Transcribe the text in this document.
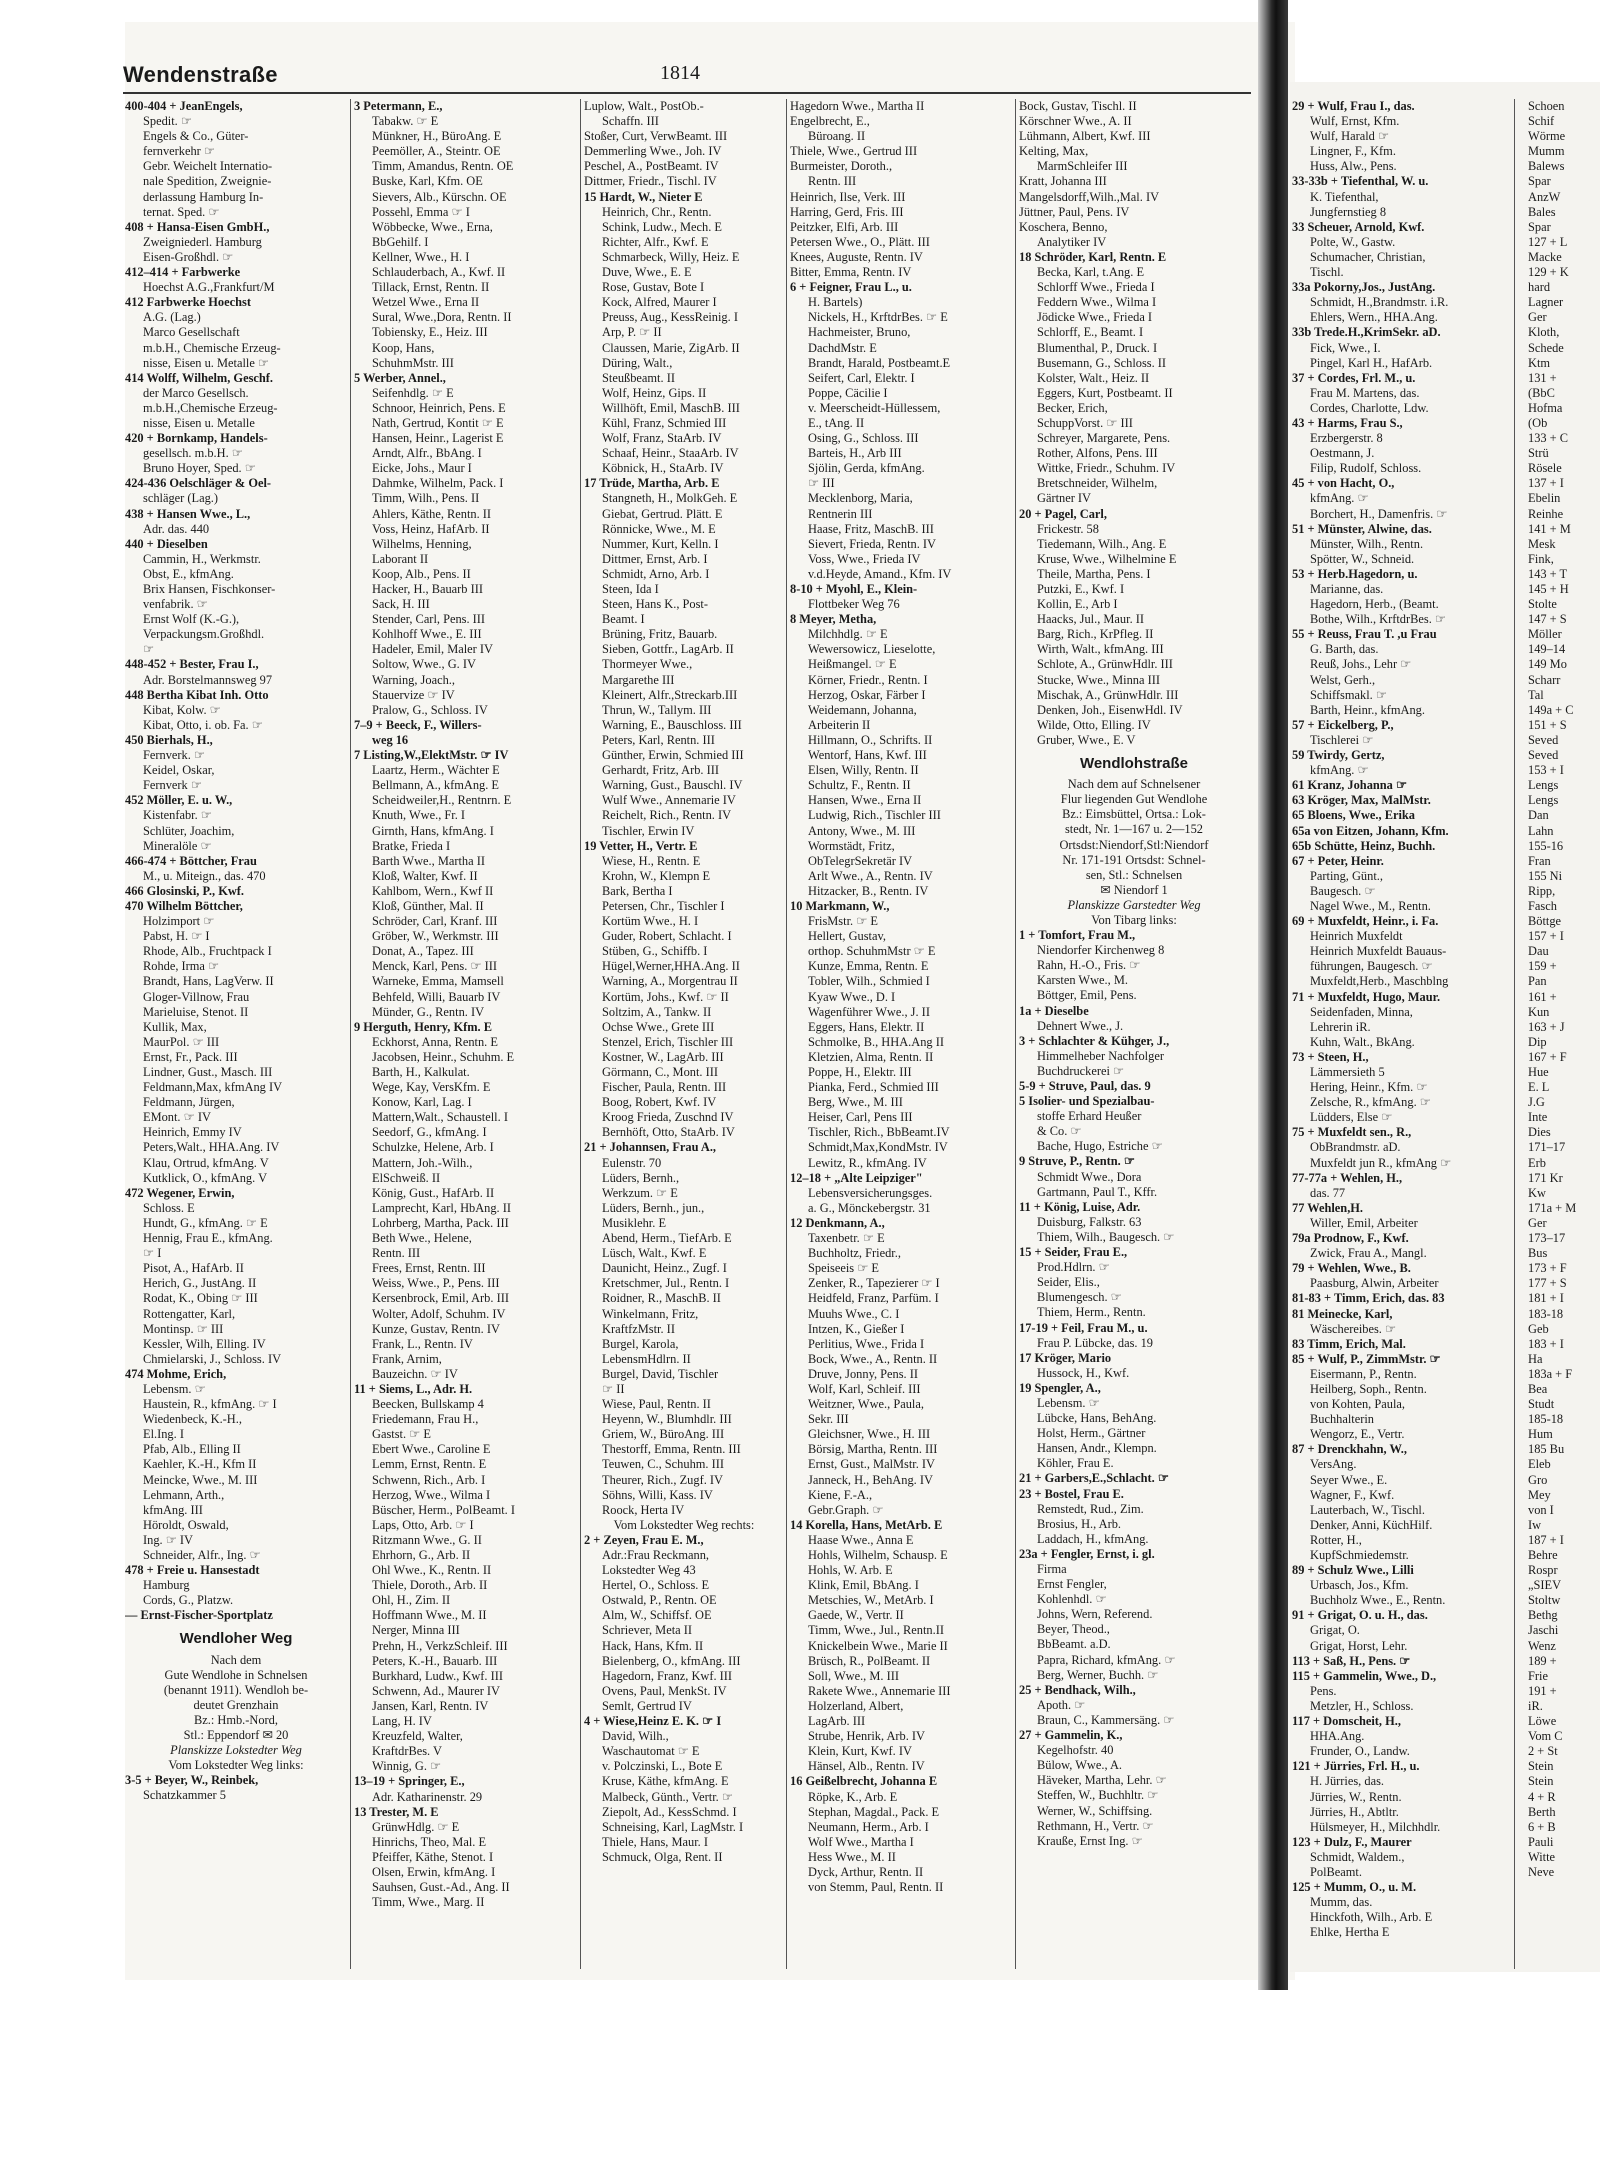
Wendenstraße	1814
400-404 + JeanEngels,
Spedit. ☞
Engels & Co., Güter-
fernverkehr ☞
Gebr. Weichelt Internatio-
nale Spedition, Zweignie-
derlassung Hamburg In-
ternat. Sped. ☞
408 + Hansa-Eisen GmbH.,
Zweigniederl. Hamburg
Eisen-Großhdl. ☞
412–414 + Farbwerke
Hoechst A.G.,Frankfurt/M
412 Farbwerke Hoechst
A.G. (Lag.)
Marco Gesellschaft
m.b.H., Chemische Erzeug-
nisse, Eisen u. Metalle ☞
414 Wolff, Wilhelm, Geschf.
der Marco Gesellsch.
m.b.H.,Chemische Erzeug-
nisse, Eisen u. Metalle
420 + Bornkamp, Handels-
gesellsch. m.b.H. ☞
Bruno Hoyer, Sped. ☞
424-436 Oelschläger & Oel-
schläger (Lag.)
438 + Hansen Wwe., L.,
Adr. das. 440
440 + Dieselben
Cammin, H., Werkmstr.
Obst, E., kfmAng.
Brix Hansen, Fischkonser-
venfabrik. ☞
Ernst Wolf (K.-G.),
Verpackungsm.Großhdl.
☞
448-452 + Bester, Frau I.,
Adr. Borstelmannsweg 97
448 Bertha Kibat Inh. Otto
Kibat, Kolw. ☞
Kibat, Otto, i. ob. Fa. ☞
450 Bierhals, H.,
Fernverk. ☞
Keidel, Oskar,
Fernverk ☞
452 Möller, E. u. W.,
Kistenfabr. ☞
Schlüter, Joachim,
Mineralöle ☞
466-474 + Böttcher, Frau
M., u. Miteign., das. 470
466 Glosinski, P., Kwf.
470 Wilhelm Böttcher,
Holzimport ☞
Pabst, H. ☞ I
Rhode, Alb., Fruchtpack I
Rohde, Irma ☞
Brandt, Hans, LagVerw. II
Gloger-Villnow, Frau
Marieluise, Stenot. II
Kullik, Max,
MaurPol. ☞ III
Ernst, Fr., Pack. III
Lindner, Gust., Masch. III
Feldmann,Max, kfmAng IV
Feldmann, Jürgen,
EMont. ☞ IV
Heinrich, Emmy IV
Peters,Walt., HHA.Ang. IV
Klau, Ortrud, kfmAng. V
Kutklick, O., kfmAng. V
472 Wegener, Erwin,
Schloss. E
Hundt, G., kfmAng. ☞ E
Hennig, Frau E., kfmAng.
☞ I
Pisot, A., HafArb. II
Herich, G., JustAng. II
Rodat, K., Obing ☞ III
Rottengatter, Karl,
Montinsp. ☞ III
Kessler, Wilh, Elling. IV
Chmielarski, J., Schloss. IV
474 Mohme, Erich,
Lebensm. ☞
Haustein, R., kfmAng. ☞ I
Wiedenbeck, K.-H.,
El.Ing. I
Pfab, Alb., Elling II
Kaehler, K.-H., Kfm II
Meincke, Wwe., M. III
Lehmann, Arth.,
kfmAng. III
Höroldt, Oswald,
Ing. ☞ IV
Schneider, Alfr., Ing. ☞
478 + Freie u. Hansestadt
Hamburg
Cords, G., Platzw.
— Ernst-Fischer-Sportplatz
Wendloher Weg
Nach dem
Gute Wendlohe in Schnelsen
(benannt 1911). Wendloh be-
deutet Grenzhain
Bz.: Hmb.-Nord,
Stl.: Eppendorf ✉ 20
Planskizze Lokstedter Weg
Vom Lokstedter Weg links:
3-5 + Beyer, W., Reinbek,
Schatzkammer 5
3 Petermann, E.,
Tabakw. ☞ E
Münkner, H., BüroAng. E
Peemöller, A., Steintr. OE
Timm, Amandus, Rentn. OE
Buske, Karl, Kfm. OE
Sievers, Alb., Kürschn. OE
Possehl, Emma ☞ I
Wöbbecke, Wwe., Erna,
BbGehilf. I
Kellner, Wwe., H. I
Schlauderbach, A., Kwf. II
Tillack, Ernst, Rentn. II
Wetzel Wwe., Erna II
Sural, Wwe.,Dora, Rentn. II
Tobiensky, E., Heiz. III
Koop, Hans,
SchuhmMstr. III
5 Werber, Annel.,
Seifenhdlg. ☞ E
Schnoor, Heinrich, Pens. E
Nath, Gertrud, Kontit ☞ E
Hansen, Heinr., Lagerist E
Arndt, Alfr., BbAng. I
Eicke, Johs., Maur I
Dahmke, Wilhelm, Pack. I
Timm, Wilh., Pens. II
Ahlers, Käthe, Rentn. II
Voss, Heinz, HafArb. II
Wilhelms, Henning,
Laborant II
Koop, Alb., Pens. II
Hacker, H., Bauarb III
Sack, H. III
Stender, Carl, Pens. III
Kohlhoff Wwe., E. III
Hadeler, Emil, Maler IV
Soltow, Wwe., G. IV
Warning, Joach.,
Stauervize ☞ IV
Pralow, G., Schloss. IV
7–9 + Beeck, F., Willers-
weg 16
7 Listing,W.,ElektMstr. ☞ IV
Laartz, Herm., Wächter E
Bellmann, A., kfmAng. E
Scheidweiler,H., Rentnrn. E
Knuth, Wwe., Fr. I
Girnth, Hans, kfmAng. I
Bratke, Frieda I
Barth Wwe., Martha II
Kloß, Walter, Kwf. II
Kahlbom, Wern., Kwf II
Kloß, Günther, Mal. II
Schröder, Carl, Kranf. III
Gröber, W., Werkmstr. III
Donat, A., Tapez. III
Menck, Karl, Pens. ☞ III
Warneke, Emma, Mamsell
Behfeld, Willi, Bauarb IV
Münder, G., Rentn. IV
9 Herguth, Henry, Kfm. E
Eckhorst, Anna, Rentn. E
Jacobsen, Heinr., Schuhm. E
Barth, H., Kalkulat.
Wege, Kay, VersKfm. E
Konow, Karl, Lag. I
Mattern,Walt., Schaustell. I
Seedorf, G., kfmAng. I
Schulzke, Helene, Arb. I
Mattern, Joh.-Wilh.,
ElSchweiß. II
König, Gust., HafArb. II
Lamprecht, Karl, HbAng. II
Lohrberg, Martha, Pack. III
Beth Wwe., Helene,
Rentn. III
Frees, Ernst, Rentn. III
Weiss, Wwe., P., Pens. III
Kersenbrock, Emil, Arb. III
Wolter, Adolf, Schuhm. IV
Kunze, Gustav, Rentn. IV
Frank, L., Rentn. IV
Frank, Arnim,
Bauzeichn. ☞ IV
11 + Siems, L., Adr. H.
Beecken, Bullskamp 4
Friedemann, Frau H.,
Gastst. ☞ E
Ebert Wwe., Caroline E
Lemm, Ernst, Rentn. E
Schwenn, Rich., Arb. I
Herzog, Wwe., Wilma I
Büscher, Herm., PolBeamt. I
Laps, Otto, Arb. ☞ I
Ritzmann Wwe., G. II
Ehrhorn, G., Arb. II
Ohl Wwe., K., Rentn. II
Thiele, Doroth., Arb. II
Ohl, H., Zim. II
Hoffmann Wwe., M. II
Nerger, Minna III
Prehn, H., VerkzSchleif. III
Peters, K.-H., Bauarb. III
Burkhard, Ludw., Kwf. III
Schwenn, Ad., Maurer IV
Jansen, Karl, Rentn. IV
Lang, H. IV
Kreuzfeld, Walter,
KraftdrBes. V
Winnig, G. ☞
13–19 + Springer, E.,
Adr. Katharinenstr. 29
13 Trester, M. E
GrünwHdlg. ☞ E
Hinrichs, Theo, Mal. E
Pfeiffer, Käthe, Stenot. I
Olsen, Erwin, kfmAng. I
Sauhsen, Gust.-Ad., Ang. II
Timm, Wwe., Marg. II
Luplow, Walt., PostOb.-
Schaffn. III
Stoßer, Curt, VerwBeamt. III
Demmerling Wwe., Joh. IV
Peschel, A., PostBeamt. IV
Dittmer, Friedr., Tischl. IV
15 Hardt, W., Nieter E
Heinrich, Chr., Rentn.
Schink, Ludw., Mech. E
Richter, Alfr., Kwf. E
Schmarbeck, Willy, Heiz. E
Duve, Wwe., E. E
Rose, Gustav, Bote I
Kock, Alfred, Maurer I
Preuss, Aug., KessReinig. I
Arp, P. ☞ II
Claussen, Marie, ZigArb. II
Düring, Walt.,
Steußbeamt. II
Wolf, Heinz, Gips. II
Willhöft, Emil, MaschB. III
Kühl, Franz, Schmied III
Wolf, Franz, StaArb. IV
Schaaf, Heinr., StaaArb. IV
Köbnick, H., StaArb. IV
17 Trüde, Martha, Arb. E
Stangneth, H., MolkGeh. E
Giebat, Gertrud. Plätt. E
Rönnicke, Wwe., M. E
Nummer, Kurt, Kelln. I
Dittmer, Ernst, Arb. I
Schmidt, Arno, Arb. I
Steen, Ida I
Steen, Hans K., Post-
Beamt. I
Brüning, Fritz, Bauarb.
Sieben, Gottfr., LagArb. II
Thormeyer Wwe.,
Margarethe III
Kleinert, Alfr.,Streckarb.III
Thrun, W., Tallym. III
Warning, E., Bauschloss. III
Peters, Karl, Rentn. III
Günther, Erwin, Schmied III
Gerhardt, Fritz, Arb. III
Warning, Gust., Bauschl. IV
Wulf Wwe., Annemarie IV
Reichelt, Rich., Rentn. IV
Tischler, Erwin IV
19 Vetter, H., Vertr. E
Wiese, H., Rentn. E
Krohn, W., Klempn E
Bark, Bertha I
Petersen, Chr., Tischler I
Kortüm Wwe., H. I
Guder, Robert, Schlacht. I
Stüben, G., Schiffb. I
Hügel,Werner,HHA.Ang. II
Warning, A., Morgentrau II
Kortüm, Johs., Kwf. ☞ II
Soltzim, A., Tankw. II
Ochse Wwe., Grete III
Stenzel, Erich, Tischler III
Kostner, W., LagArb. III
Görmann, C., Mont. III
Fischer, Paula, Rentn. III
Boog, Robert, Kwf. IV
Kroog Frieda, Zuschnd IV
Bernhöft, Otto, StaArb. IV
21 + Johannsen, Frau A.,
Eulenstr. 70
Lüders, Bernh.,
Werkzum. ☞ E
Lüders, Bernh., jun.,
Musiklehr. E
Abend, Herm., TiefArb. E
Lüsch, Walt., Kwf. E
Daunicht, Heinz., Zugf. I
Kretschmer, Jul., Rentn. I
Roidner, R., MaschB. II
Winkelmann, Fritz,
KraftfzMstr. II
Burgel, Karola,
LebensmHdlrn. II
Burgel, David, Tischler
☞ II
Wiese, Paul, Rentn. II
Heyenn, W., Blumhdlr. III
Griem, W., BüroAng. III
Thestorff, Emma, Rentn. III
Teuwen, C., Schuhm. III
Theurer, Rich., Zugf. IV
Söhns, Willi, Kass. IV
Roock, Herta IV
Vom Lokstedter Weg rechts:
2 + Zeyen, Frau E. M.,
Adr.:Frau Reckmann,
Lokstedter Weg 43
Hertel, O., Schloss. E
Ostwald, P., Rentn. OE
Alm, W., Schiffsf. OE
Schriever, Meta II
Hack, Hans, Kfm. II
Bielenberg, O., kfmAng. III
Hagedorn, Franz, Kwf. III
Ovens, Paul, MenkSt. IV
Semlt, Gertrud IV
4 + Wiese,Heinz E. K. ☞ I
David, Wilh.,
Waschautomat ☞ E
v. Polczinski, L., Bote E
Kruse, Käthe, kfmAng. E
Malbeck, Günth., Vertr. ☞
Ziepolt, Ad., KessSchmd. I
Schneising, Karl, LagMstr. I
Thiele, Hans, Maur. I
Schmuck, Olga, Rent. II
Hagedorn Wwe., Martha II
Engelbrecht, E.,
Büroang. II
Thiele, Wwe., Gertrud III
Burmeister, Doroth.,
Rentn. III
Heinrich, Ilse, Verk. III
Harring, Gerd, Fris. III
Peitzker, Elfi, Arb. III
Petersen Wwe., O., Plätt. III
Knees, Auguste, Rentn. IV
Bitter, Emma, Rentn. IV
6 + Feigner, Frau L., u.
H. Bartels)
Nickels, H., KrftdrBes. ☞ E
Hachmeister, Bruno,
DachdMstr. E
Brandt, Harald, Postbeamt.E
Seifert, Carl, Elektr. I
Poppe, Cäcilie I
v. Meerscheidt-Hüllessem,
E., tAng. II
Osing, G., Schloss. III
Barteis, H., Arb III
Sjölin, Gerda, kfmAng.
☞ III
Mecklenborg, Maria,
Rentnerin III
Haase, Fritz, MaschB. III
Sievert, Frieda, Rentn. IV
Voss, Wwe., Frieda IV
v.d.Heyde, Amand., Kfm. IV
8-10 + Myohl, E., Klein-
Flottbeker Weg 76
8 Meyer, Metha,
Milchhdlg. ☞ E
Wewersowicz, Lieselotte,
Heißmangel. ☞ E
Körner, Friedr., Rentn. I
Herzog, Oskar, Färber I
Weidemann, Johanna,
Arbeiterin II
Hillmann, O., Schrifts. II
Wentorf, Hans, Kwf. III
Elsen, Willy, Rentn. II
Schultz, F., Rentn. II
Hansen, Wwe., Erna II
Ludwig, Rich., Tischler III
Antony, Wwe., M. III
Wormstädt, Fritz,
ObTelegrSekretär IV
Arlt Wwe., A., Rentn. IV
Hitzacker, B., Rentn. IV
10 Markmann, W.,
FrisMstr. ☞ E
Hellert, Gustav,
orthop. SchuhmMstr ☞ E
Kunze, Emma, Rentn. E
Tobler, Wilh., Schmied I
Kyaw Wwe., D. I
Wagenführer Wwe., J. II
Eggers, Hans, Elektr. II
Schmolke, B., HHA.Ang II
Kletzien, Alma, Rentn. II
Poppe, H., Elektr. III
Pianka, Ferd., Schmied III
Berg, Wwe., M. III
Heiser, Carl, Pens III
Tischler, Rich., BbBeamt.IV
Schmidt,Max,KondMstr. IV
Lewitz, R., kfmAng. IV
12–18 + „Alte Leipziger"
Lebensversicherungsges.
a. G., Mönckebergstr. 31
12 Denkmann, A.,
Taxenbetr. ☞ E
Buchholtz, Friedr.,
Speiseeis ☞ E
Zenker, R., Tapezierer ☞ I
Heidfeld, Franz, Parfüm. I
Muuhs Wwe., C. I
Intzen, K., Gießer I
Perlitius, Wwe., Frida I
Bock, Wwe., A., Rentn. II
Druve, Jonny, Pens. II
Wolf, Karl, Schleif. III
Weitzner, Wwe., Paula,
Sekr. III
Gleichsner, Wwe., H. III
Börsig, Martha, Rentn. III
Ernst, Gust., MalMstr. IV
Janneck, H., BehAng. IV
Kiene, F.-A.,
Gebr.Graph. ☞
14 Korella, Hans, MetArb. E
Haase Wwe., Anna E
Hohls, Wilhelm, Schausp. E
Hohls, W. Arb. E
Klink, Emil, BbAng. I
Metschies, W., MetArb. I
Gaede, W., Vertr. II
Timm, Wwe., Jul., Rentn.II
Knickelbein Wwe., Marie II
Brüsch, R., PolBeamt. II
Soll, Wwe., M. III
Rakete Wwe., Annemarie III
Holzerland, Albert,
LagArb. III
Strube, Henrik, Arb. IV
Klein, Kurt, Kwf. IV
Hänsel, Alb., Rentn. IV
16 Geißelbrecht, Johanna E
Röpke, K., Arb. E
Stephan, Magdal., Pack. E
Neumann, Herm., Arb. I
Wolf Wwe., Martha I
Hess Wwe., M. II
Dyck, Arthur, Rentn. II
von Stemm, Paul, Rentn. II
Bock, Gustav, Tischl. II
Körschner Wwe., A. II
Lühmann, Albert, Kwf. III
Kelting, Max,
MarmSchleifer III
Kratt, Johanna III
Mangelsdorff,Wilh.,Mal. IV
Jüttner, Paul, Pens. IV
Koschera, Benno,
Analytiker IV
18 Schröder, Karl, Rentn. E
Becka, Karl, t.Ang. E
Schlorff Wwe., Frieda I
Feddern Wwe., Wilma I
Jödicke Wwe., Frieda I
Schlorff, E., Beamt. I
Blumenthal, P., Druck. I
Busemann, G., Schloss. II
Kolster, Walt., Heiz. II
Eggers, Kurt, Postbeamt. II
Becker, Erich,
SchuppVorst. ☞ III
Schreyer, Margarete, Pens.
Rother, Alfons, Pens. III
Wittke, Friedr., Schuhm. IV
Bretschneider, Wilhelm,
Gärtner IV
20 + Pagel, Carl,
Frickestr. 58
Tiedemann, Wilh., Ang. E
Kruse, Wwe., Wilhelmine E
Theile, Martha, Pens. I
Putzki, E., Kwf. I
Kollin, E., Arb I
Haacks, Jul., Maur. II
Barg, Rich., KrPfleg. II
Wirth, Walt., kfmAng. III
Schlote, A., GrünwHdlr. III
Stucke, Wwe., Minna III
Mischak, A., GrünwHdlr. III
Denken, Joh., EisenwHdl. IV
Wilde, Otto, Elling. IV
Gruber, Wwe., E. V
Wendlohstraße
Nach dem auf Schnelsener
Flur liegenden Gut Wendlohe
Bz.: Eimsbüttel, Ortsa.: Lok-
stedt, Nr. 1—167 u. 2—152
Ortsdst:Niendorf,Stl:Niendorf
Nr. 171-191 Ortsdst: Schnel-
sen, Stl.: Schnelsen
✉ Niendorf 1
Planskizze Garstedter Weg
Von Tibarg links:
1 + Tomfort, Frau M.,
Niendorfer Kirchenweg 8
Rahn, H.-O., Fris. ☞
Karsten Wwe., M.
Böttger, Emil, Pens.
1a + Dieselbe
Dehnert Wwe., J.
3 + Schlachter & Kühger, J.,
Himmelheber Nachfolger
Buchdruckerei ☞
5-9 + Struve, Paul, das. 9
5 Isolier- und Spezialbau-
stoffe Erhard Heußer
& Co. ☞
Bache, Hugo, Estriche ☞
9 Struve, P., Rentn. ☞
Schmidt Wwe., Dora
Gartmann, Paul T., Kffr.
11 + König, Luise, Adr.
Duisburg, Falkstr. 63
Thiem, Wilh., Baugesch. ☞
15 + Seider, Frau E.,
Prod.Hdlrn. ☞
Seider, Elis.,
Blumengesch. ☞
Thiem, Herm., Rentn.
17-19 + Feil, Frau M., u.
Frau P. Lübcke, das. 19
17 Kröger, Mario
Hussock, H., Kwf.
19 Spengler, A.,
Lebensm. ☞
Lübcke, Hans, BehAng.
Holst, Herm., Gärtner
Hansen, Andr., Klempn.
Köhler, Frau E.
21 + Garbers,E.,Schlacht. ☞
23 + Bostel, Frau E.
Remstedt, Rud., Zim.
Brosius, H., Arb.
Laddach, H., kfmAng.
23a + Fengler, Ernst, i. gl.
Firma
Ernst Fengler,
Kohlenhdl. ☞
Johns, Wern, Referend.
Beyer, Theod.,
BbBeamt. a.D.
Papra, Richard, kfmAng. ☞
Berg, Werner, Buchh. ☞
25 + Bendhack, Wilh.,
Apoth. ☞
Braun, C., Kammersäng. ☞
27 + Gammelin, K.,
Kegelhofstr. 40
Bülow, Wwe., A.
Häveker, Martha, Lehr. ☞
Steffen, W., Buchhltr. ☞
Werner, W., Schiffsing.
Rethmann, H., Vertr. ☞
Krauße, Ernst Ing. ☞
29 + Wulf, Frau I., das.
Wulf, Ernst, Kfm.
Wulf, Harald ☞
Lingner, F., Kfm.
Huss, Alw., Pens.
33-33b + Tiefenthal, W. u.
K. Tiefenthal,
Jungfernstieg 8
33 Scheuer, Arnold, Kwf.
Polte, W., Gastw.
Schumacher, Christian,
Tischl.
33a Pokorny,Jos., JustAng.
Schmidt, H.,Brandmstr. i.R.
Ehlers, Wern., HHA.Ang.
33b Trede.H.,KrimSekr. aD.
Fick, Wwe., I.
Pingel, Karl H., HafArb.
37 + Cordes, Frl. M., u.
Frau M. Martens, das.
Cordes, Charlotte, Ldw.
43 + Harms, Frau S.,
Erzbergerstr. 8
Oestmann, J.
Filip, Rudolf, Schloss.
45 + von Hacht, O.,
kfmAng. ☞
Borchert, H., Damenfris. ☞
51 + Münster, Alwine, das.
Münster, Wilh., Rentn.
Spötter, W., Schneid.
53 + Herb.Hagedorn, u.
Marianne, das.
Hagedorn, Herb., (Beamt.
Bothe, Wilh., KrftdrBes. ☞
55 + Reuss, Frau T. ,u Frau
G. Barth, das.
Reuß, Johs., Lehr ☞
Welst, Gerh.,
Schiffsmakl. ☞
Barth, Heinr., kfmAng.
57 + Eickelberg, P.,
Tischlerei ☞
59 Twirdy, Gertz,
kfmAng. ☞
61 Kranz, Johanna ☞
63 Kröger, Max, MalMstr.
65 Bloens, Wwe., Erika
65a von Eitzen, Johann, Kfm.
65b Schütte, Heinz, Buchh.
67 + Peter, Heinr.
Parting, Günt.,
Baugesch. ☞
Nagel Wwe., M., Rentn.
69 + Muxfeldt, Heinr., i. Fa.
Heinrich Muxfeldt
Heinrich Muxfeldt Bauaus-
führungen, Baugesch. ☞
Muxfeldt,Herb., Maschblng
71 + Muxfeldt, Hugo, Maur.
Seidenfaden, Minna,
Lehrerin iR.
Kuhn, Walt., BkAng.
73 + Steen, H.,
Lämmersieth 5
Hering, Heinr., Kfm. ☞
Zelsche, R., kfmAng. ☞
Lüdders, Else ☞
75 + Muxfeldt sen., R.,
ObBrandmstr. aD.
Muxfeldt jun R., kfmAng ☞
77-77a + Wehlen, H.,
das. 77
77 Wehlen,H.
Willer, Emil, Arbeiter
79a Prodnow, F., Kwf.
Zwick, Frau A., Mangl.
79 + Wehlen, Wwe., B.
Paasburg, Alwin, Arbeiter
81-83 + Timm, Erich, das. 83
81 Meinecke, Karl,
Wäschereibes. ☞
83 Timm, Erich, Mal.
85 + Wulf, P., ZimmMstr. ☞
Eisermann, P., Rentn.
Heilberg, Soph., Rentn.
von Kohten, Paula,
Buchhalterin
Wengorz, E., Vertr.
87 + Drenckhahn, W.,
VersAng.
Seyer Wwe., E.
Wagner, F., Kwf.
Lauterbach, W., Tischl.
Denker, Anni, KüchHilf.
Rotter, H.,
KupfSchmiedemstr.
89 + Schulz Wwe., Lilli
Urbasch, Jos., Kfm.
Buchholz Wwe., E., Rentn.
91 + Grigat, O. u. H., das.
Grigat, O.
Grigat, Horst, Lehr.
113 + Saß, H., Pens. ☞
115 + Gammelin, Wwe., D.,
Pens.
Metzler, H., Schloss.
117 + Domscheit, H.,
HHA.Ang.
Frunder, O., Landw.
121 + Jürries, Frl. H., u.
H. Jürries, das.
Jürries, W., Rentn.
Jürries, H., Abtltr.
Hülsmeyer, H., Milchhdlr.
123 + Dulz, F., Maurer
Schmidt, Waldem.,
PolBeamt.
125 + Mumm, O., u. M.
Mumm, das.
Hinckfoth, Wilh., Arb. E
Ehlke, Hertha E
Schoen
Schif
Wörme
Mumm
Balews
Spar
AnzW
Bales
Spar
127 + L
Macke
129 + K
hard
Lagner
Ger
Kloth,
Schede
Ktm
131 +
(BbC
Hofma
(Ob
133 + C
Strü
Rösele
137 + I
Ebelin
Reinhe
141 + M
Mesk
Fink,
143 + T
145 + H
Stolte
147 + S
Möller
149–14
149 Mo
Scharr
Tal
149a + C
151 + S
Seved
Seved
153 + I
Lengs
Lengs
Dan
Lahn
155-16
Fran
155 Ni
Ripp,
Fasch
Böttge
157 + I
Dau
159 +
Pan
161 +
Kun
163 + J
Dip
167 + F
Hue
E. L
J.G
Inte
Dies
171–17
Erb
171 Kr
Kw
171a + M
Ger
173–17
Bus
173 + F
177 + S
181 + I
183-18
Geb
183 + I
Ha
183a + F
Bea
Studt
185-18
Hum
185 Bu
Eleb
Gro
Mey
von I
Iw
187 + I
Behre
Rospr
„SIEV
Stoltw
Bethg
Jaschi
Wenz
189 +
Frie
191 +
iR.
Löwe
Vom C
2 + St
Stein
Stein
4 + R
Berth
6 + B
Pauli
Witte
Neve
